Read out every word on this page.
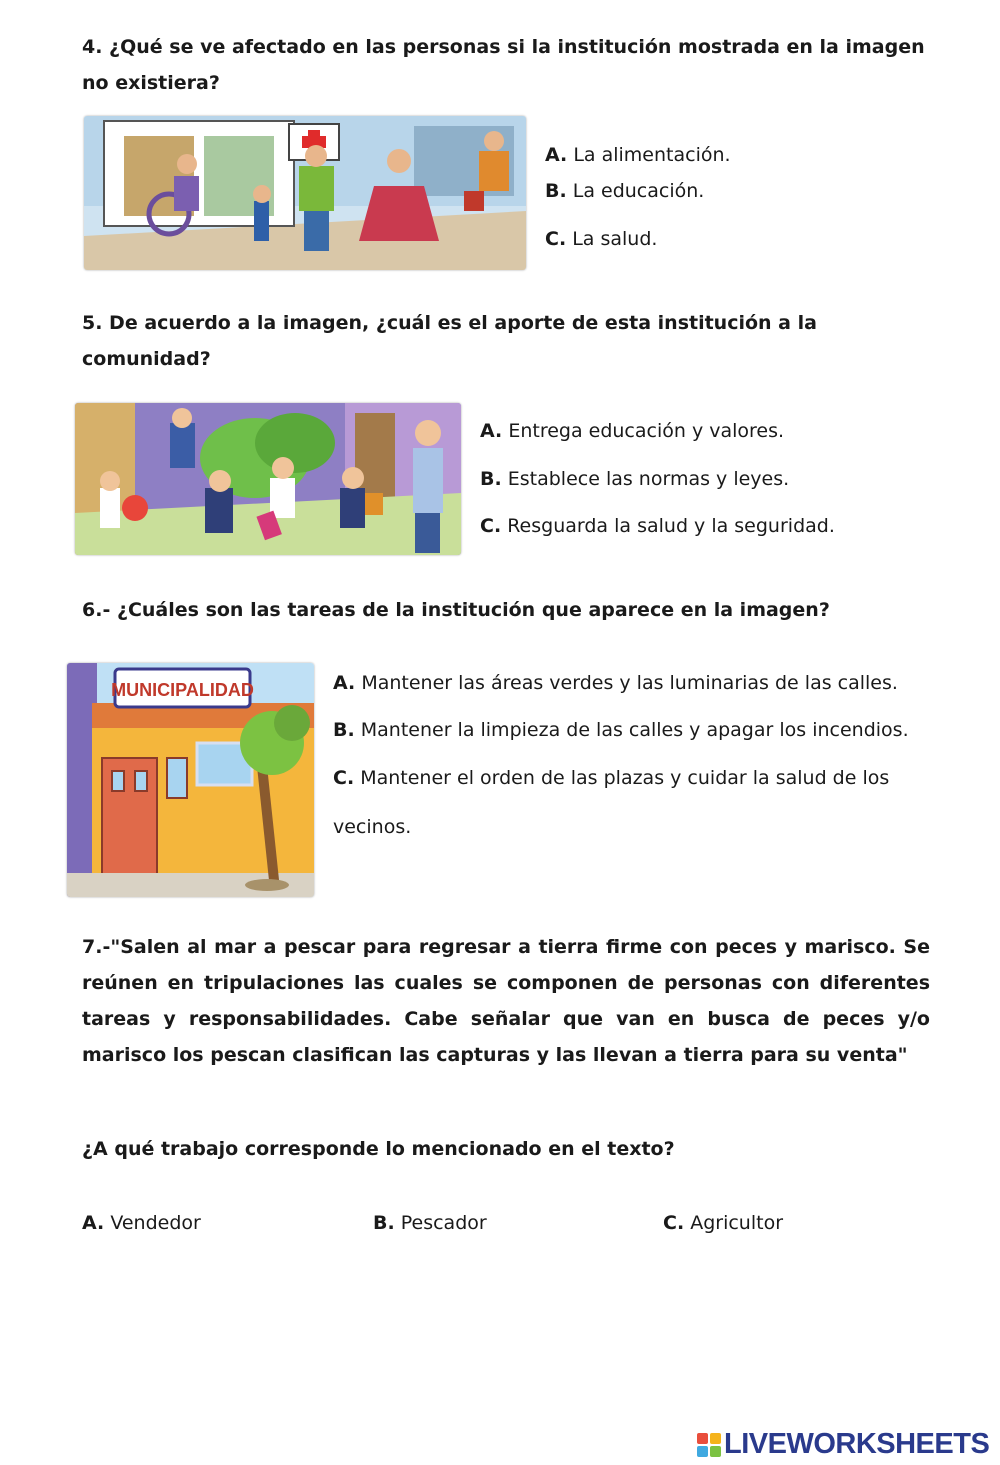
4. ¿Qué se ve afectado en las personas si la institución mostrada en la imagen no existiera?

A. La alimentación.
B. La educación.
C. La salud.

5. De acuerdo a la imagen, ¿cuál es el aporte de esta institución a la comunidad?

A. Entrega educación y valores.
B. Establece las normas y leyes.
C. Resguarda la salud y la seguridad.

6.- ¿Cuáles son las tareas de la institución que aparece en la imagen?

MUNICIPALIDAD	A. Mantener las áreas verdes y las luminarias de las calles.
B. Mantener la limpieza de las calles y apagar los incendios.
C. Mantener el orden de las plazas y cuidar la salud de los
vecinos.

7.-"Salen al mar a pescar para regresar a tierra firme con peces y marisco. Se reúnen en tripulaciones las cuales se componen de personas con diferentes tareas y responsabilidades. Cabe señalar que van en busca de peces y/o marisco los pescan clasifican las capturas y las llevan a tierra para su venta"

¿A qué trabajo corresponde lo mencionado en el texto?

A. Vendedor	B. Pescador	C. Agricultor
LIVEWORKSHEETS
